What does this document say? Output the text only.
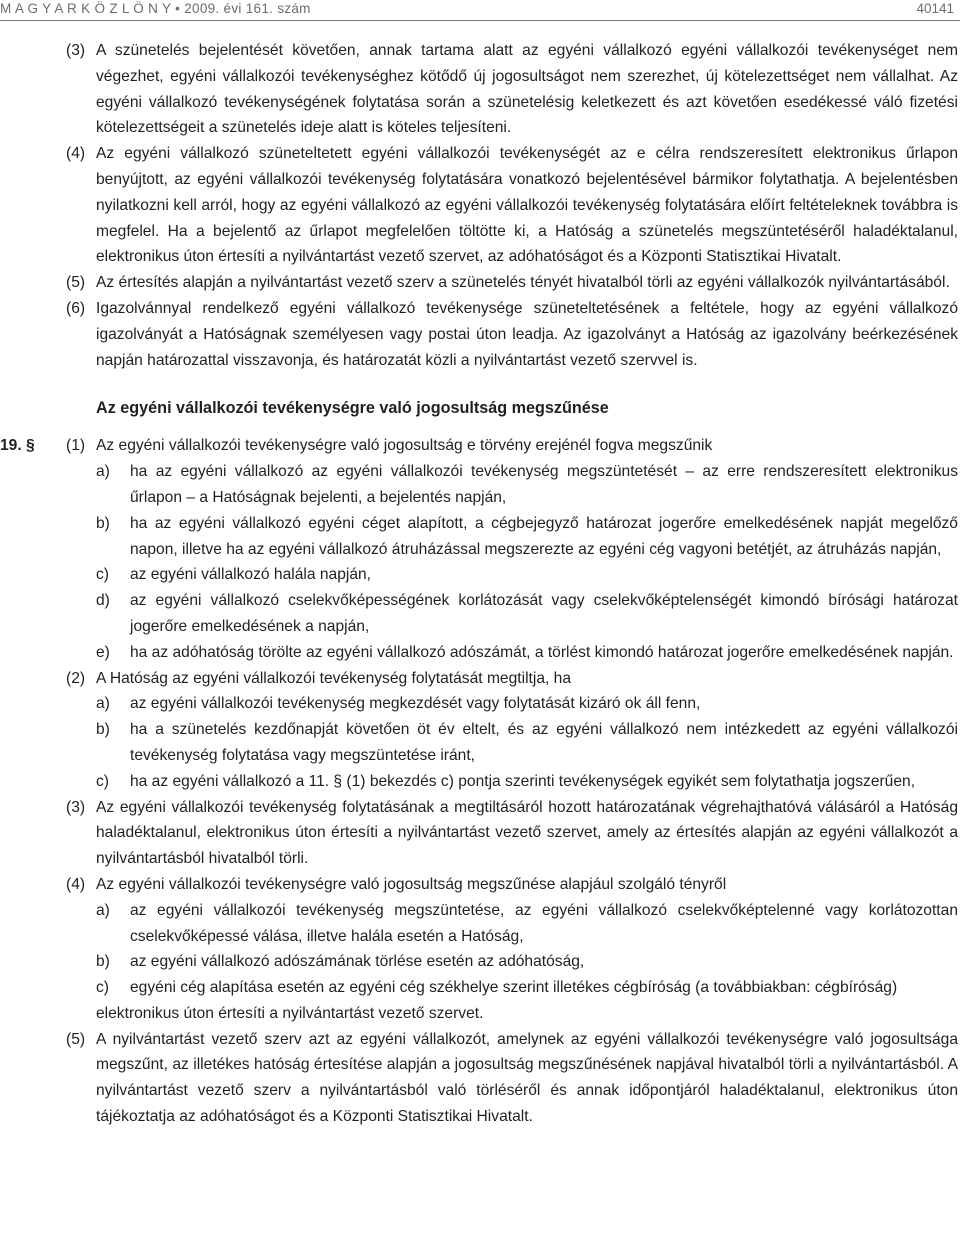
M A G Y A R K Ö Z L Ö N Y • 2009. évi 161. szám	40141
(3) A szünetelés bejelentését követően, annak tartama alatt az egyéni vállalkozó egyéni vállalkozói tevékenységet nem végezhet, egyéni vállalkozói tevékenységhez kötődő új jogosultságot nem szerezhet, új kötelezettséget nem vállalhat. Az egyéni vállalkozó tevékenységének folytatása során a szünetelésig keletkezett és azt követően esedékessé váló fizetési kötelezettségeit a szünetelés ideje alatt is köteles teljesíteni.
(4) Az egyéni vállalkozó szüneteltetett egyéni vállalkozói tevékenységét az e célra rendszeresített elektronikus űrlapon benyújtott, az egyéni vállalkozói tevékenység folytatására vonatkozó bejelentésével bármikor folytathatja. A bejelentésben nyilatkozni kell arról, hogy az egyéni vállalkozó az egyéni vállalkozói tevékenység folytatására előírt feltételeknek továbbra is megfelel. Ha a bejelentő az űrlapot megfelelően töltötte ki, a Hatóság a szünetelés megszüntetéséről haladéktalanul, elektronikus úton értesíti a nyilvántartást vezető szervet, az adóhatóságot és a Központi Statisztikai Hivatalt.
(5) Az értesítés alapján a nyilvántartást vezető szerv a szünetelés tényét hivatalból törli az egyéni vállalkozók nyilvántartásából.
(6) Igazolvánnyal rendelkező egyéni vállalkozó tevékenysége szüneteltetésének a feltétele, hogy az egyéni vállalkozó igazolványát a Hatóságnak személyesen vagy postai úton leadja. Az igazolványt a Hatóság az igazolvány beérkezésének napján határozattal visszavonja, és határozatát közli a nyilvántartást vezető szervvel is.
Az egyéni vállalkozói tevékenységre való jogosultság megszűnése
19. § (1) Az egyéni vállalkozói tevékenységre való jogosultság e törvény erejénél fogva megszűnik
a) ha az egyéni vállalkozó az egyéni vállalkozói tevékenység megszüntetését – az erre rendszeresített elektronikus űrlapon – a Hatóságnak bejelenti, a bejelentés napján,
b) ha az egyéni vállalkozó egyéni céget alapított, a cégbejegyző határozat jogerőre emelkedésének napját megelőző napon, illetve ha az egyéni vállalkozó átruházással megszerezte az egyéni cég vagyoni betétjét, az átruházás napján,
c) az egyéni vállalkozó halála napján,
d) az egyéni vállalkozó cselekvőképességének korlátozását vagy cselekvőképtelenségét kimondó bírósági határozat jogerőre emelkedésének a napján,
e) ha az adóhatóság törölte az egyéni vállalkozó adószámát, a törlést kimondó határozat jogerőre emelkedésének napján.
(2) A Hatóság az egyéni vállalkozói tevékenység folytatását megtiltja, ha
a) az egyéni vállalkozói tevékenység megkezdését vagy folytatását kizáró ok áll fenn,
b) ha a szünetelés kezdőnapját követően öt év eltelt, és az egyéni vállalkozó nem intézkedett az egyéni vállalkozói tevékenység folytatása vagy megszüntetése iránt,
c) ha az egyéni vállalkozó a 11. § (1) bekezdés c) pontja szerinti tevékenységek egyikét sem folytathatja jogszerűen,
(3) Az egyéni vállalkozói tevékenység folytatásának a megtiltásáról hozott határozatának végrehajthatóvá válásáról a Hatóság haladéktalanul, elektronikus úton értesíti a nyilvántartást vezető szervet, amely az értesítés alapján az egyéni vállalkozót a nyilvántartásból hivatalból törli.
(4) Az egyéni vállalkozói tevékenységre való jogosultság megszűnése alapjául szolgáló tényről
a) az egyéni vállalkozói tevékenység megszüntetése, az egyéni vállalkozó cselekvőképtelenné vagy korlátozottan cselekvőképessé válása, illetve halála esetén a Hatóság,
b) az egyéni vállalkozó adószámának törlése esetén az adóhatóság,
c) egyéni cég alapítása esetén az egyéni cég székhelye szerint illetékes cégbíróság (a továbbiakban: cégbíróság)
elektronikus úton értesíti a nyilvántartást vezető szervet.
(5) A nyilvántartást vezető szerv azt az egyéni vállalkozót, amelynek az egyéni vállalkozói tevékenységre való jogosultsága megszűnt, az illetékes hatóság értesítése alapján a jogosultság megszűnésének napjával hivatalból törli a nyilvántartásból. A nyilvántartást vezető szerv a nyilvántartásból való törléséről és annak időpontjáról haladéktalanul, elektronikus úton tájékoztatja az adóhatóságot és a Központi Statisztikai Hivatalt.
